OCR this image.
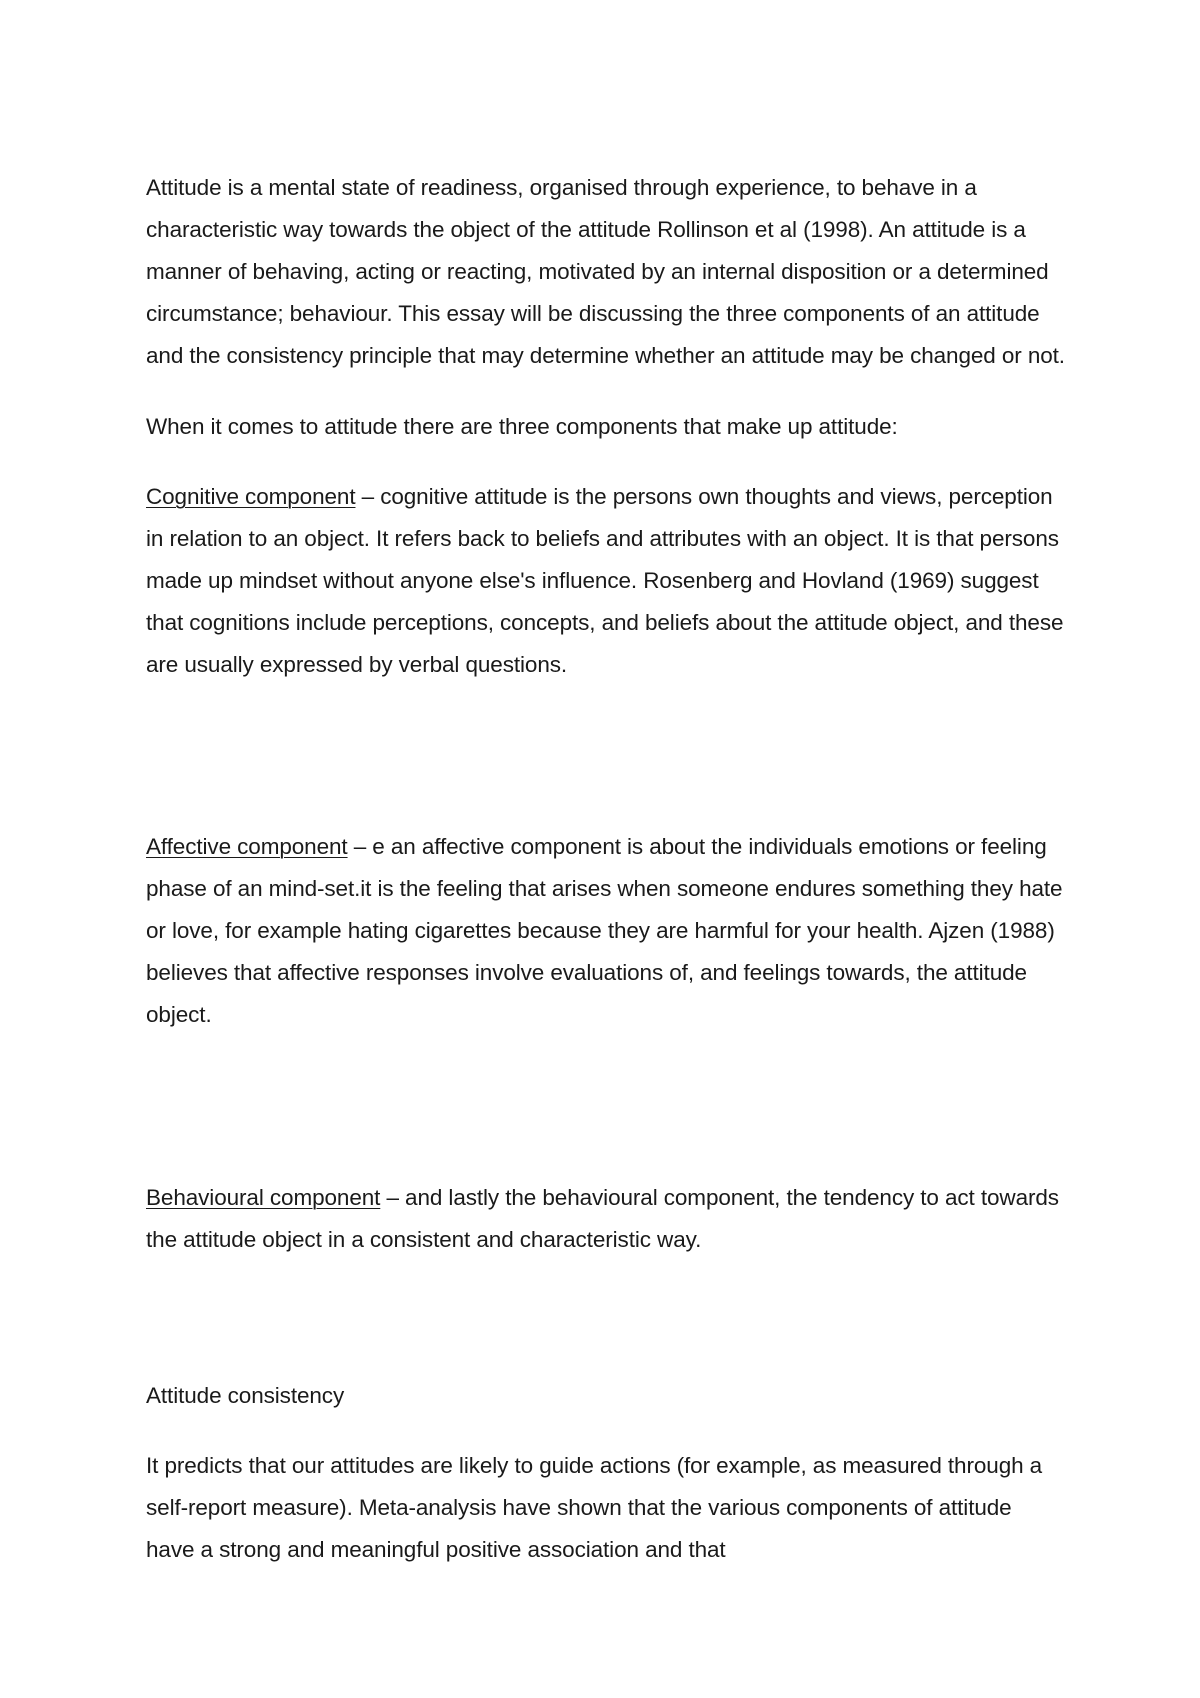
Attitude is a mental state of readiness, organised through experience, to behave in a characteristic way towards the object of the attitude Rollinson et al (1998). An attitude is a manner of behaving, acting or reacting, motivated by an internal disposition or a determined circumstance; behaviour. This essay will be discussing the three components of an attitude and the consistency principle that may determine whether an attitude may be changed or not.

When it comes to attitude there are three components that make up attitude:

Cognitive component – cognitive attitude is the persons own thoughts and views, perception in relation to an object. It refers back to beliefs and attributes with an object. It is that persons made up mindset without anyone else's influence. Rosenberg and Hovland (1969) suggest that cognitions include perceptions, concepts, and beliefs about the attitude object, and these are usually expressed by verbal questions.

Affective component – e an affective component is about the individuals emotions or feeling phase of an mind-set.it is the feeling that arises when someone endures something they hate or love, for example hating cigarettes because they are harmful for your health. Ajzen (1988) believes that affective responses involve evaluations of, and feelings towards, the attitude object.

Behavioural component – and lastly the behavioural component, the tendency to act towards the attitude object in a consistent and characteristic way.

Attitude consistency

It predicts that our attitudes are likely to guide actions (for example, as measured through a self-report measure). Meta-analysis have shown that the various components of attitude have a strong and meaningful positive association and that
